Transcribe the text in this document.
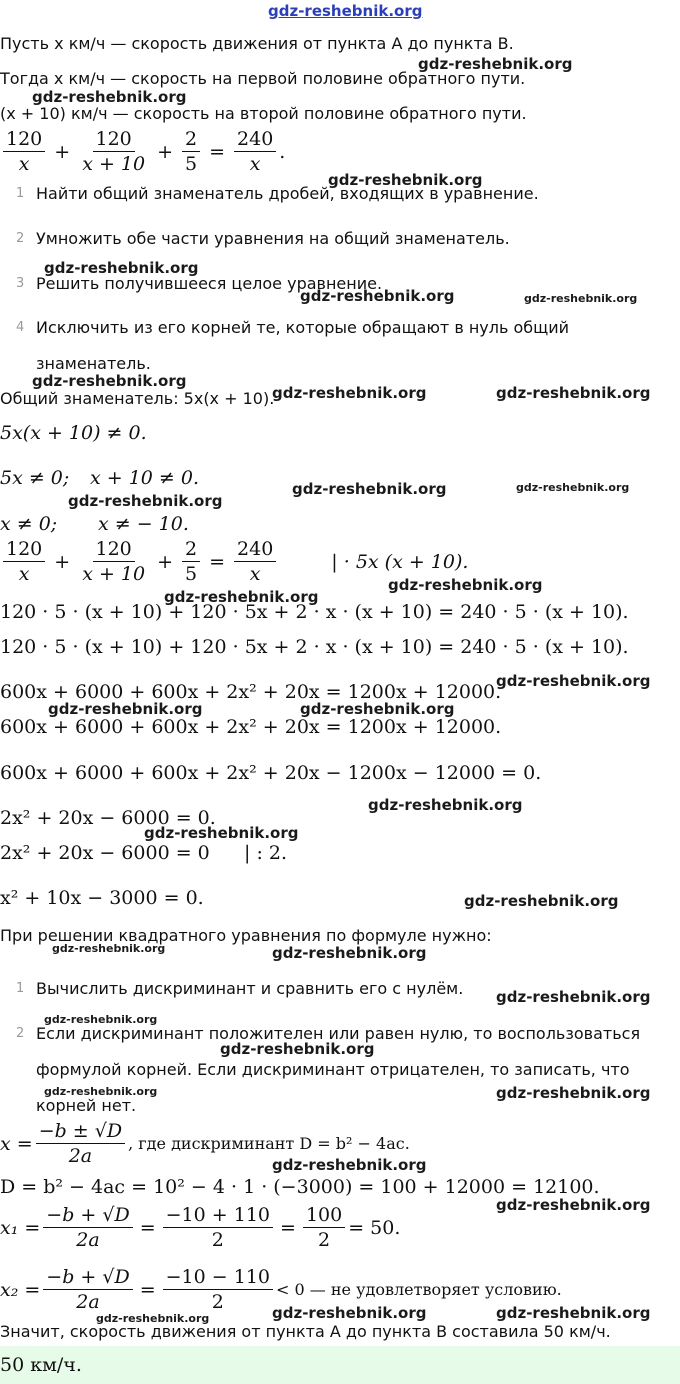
gdz-reshebnik.org
Пусть x км/ч — скорость движения от пункта A до пункта B.
Тогда x км/ч — скорость на первой половине обратного пути.
(x + 10) км/ч — скорость на второй половине обратного пути.
$\frac{120}{x} + \frac{120}{x + 10} + \frac{2}{5} = \frac{240}{x}$ .
1 Найти общий знаменатель дробей, входящих в уравнение.
2 Умножить обе части уравнения на общий знаменатель.
3 Решить получившееся целое уравнение.
4 Исключить из его корней те, которые обращают в нуль общий
знаменатель.
Общий знаменатель: 5x(x + 10).
5x(x + 10) ≠ 0.
5x ≠ 0; x + 10 ≠ 0.
x ≠ 0; x ≠ − 10.
$\frac{120}{x} + \frac{120}{x + 10} + \frac{2}{5} = \frac{240}{x}$	| · 5x (x + 10).
120 · 5 · (x + 10) + 120 · 5x + 2 · x · (x + 10) = 240 · 5 · (x + 10).
120 · 5 · (x + 10) + 120 · 5x + 2 · x · (x + 10) = 240 · 5 · (x + 10).
600x + 6000 + 600x + 2x² + 20x = 1200x + 12000.
600x + 6000 + 600x + 2x² + 20x = 1200x + 12000.
600x + 6000 + 600x + 2x² + 20x − 1200x − 12000 = 0.
2x² + 20x − 6000 = 0.
2x² + 20x − 6000 = 0 | : 2.
x² + 10x − 3000 = 0.
При решении квадратного уравнения по формуле нужно:
1 Вычислить дискриминант и сравнить его с нулём.
2 Если дискриминант положителен или равен нулю, то воспользоваться
формулой корней. Если дискриминант отрицателен, то записать, что
корней нет.
$x = \frac{-b \pm √D}{2a}$ , где дискриминант D = b² − 4ac.
D = b² − 4ac = 10² − 4 · 1 · (−3000) = 100 + 12000 = 12100.
$x_1 = \frac{-b + √D}{2a} = \frac{-10 + 110}{2} = \frac{100}{2} = 50$.
$x_2 = \frac{-b + √D}{2a} = \frac{-10 - 110}{2} < 0$ — не удовлетворяет условию.
Значит, скорость движения от пункта A до пункта B составила 50 км/ч.
50 км/ч.
gdz-reshebnik.org
gdz-reshebnik.org
gdz-reshebnik.org
gdz-reshebnik.org
gdz-reshebnik.org	gdz-reshebnik.org
gdz-reshebnik.org
gdz-reshebnik.org	gdz-reshebnik.org
gdz-reshebnik.org	gdz-reshebnik.org
gdz-reshebnik.org
gdz-reshebnik.org
gdz-reshebnik.org
gdz-reshebnik.org
gdz-reshebnik.org	gdz-reshebnik.org
gdz-reshebnik.org
gdz-reshebnik.org
gdz-reshebnik.org
gdz-reshebnik.org	gdz-reshebnik.org
gdz-reshebnik.org
gdz-reshebnik.org
gdz-reshebnik.org
gdz-reshebnik.org	gdz-reshebnik.org
gdz-reshebnik.org
gdz-reshebnik.org
gdz-reshebnik.org	gdz-reshebnik.org
gdz-reshebnik.org
